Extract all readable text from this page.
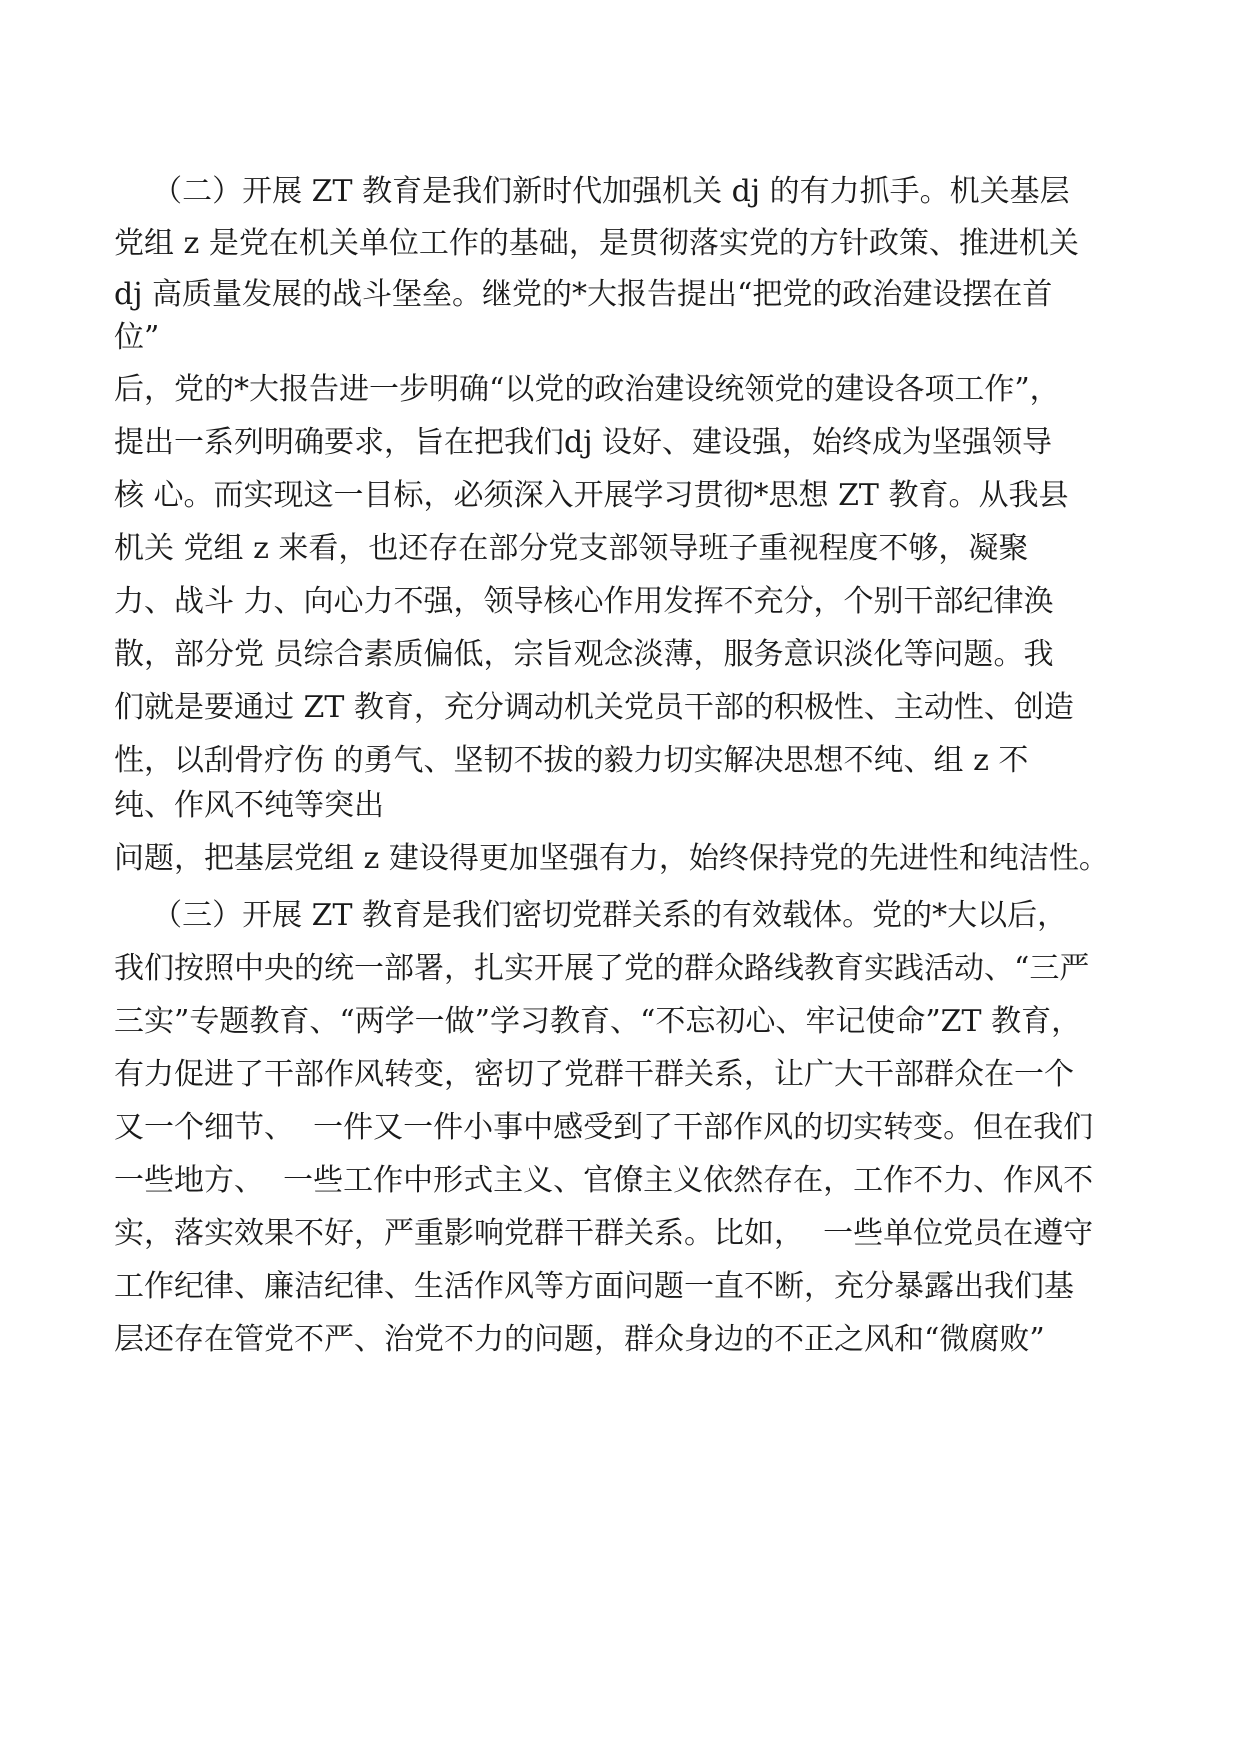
（二）开展 ZT 教育是我们新时代加强机关 dj 的有力抓手。机关基层
党组 z 是党在机关单位工作的基础，是贯彻落实党的方针政策、推进机关
dj 高质量发展的战斗堡垒。继党的*大报告提出“把党的政治建设摆在首
位”
后，党的*大报告进一步明确“以党的政治建设统领党的建设各项工作”，
提出一系列明确要求，旨在把我们dj 设好、建设强，始终成为坚强领导
核 心。而实现这一目标，必须深入开展学习贯彻*思想 ZT 教育。从我县
机关 党组 z 来看，也还存在部分党支部领导班子重视程度不够，凝聚
力、战斗 力、向心力不强，领导核心作用发挥不充分，个别干部纪律涣
散，部分党 员综合素质偏低，宗旨观念淡薄，服务意识淡化等问题。我
们就是要通过 ZT 教育，充分调动机关党员干部的积极性、主动性、创造
性，以刮骨疗伤 的勇气、坚韧不拔的毅力切实解决思想不纯、组 z 不
纯、作风不纯等突出
问题，把基层党组 z 建设得更加坚强有力，始终保持党的先进性和纯洁性。
（三）开展 ZT 教育是我们密切党群关系的有效载体。党的*大以后，
我们按照中央的统一部署，扎实开展了党的群众路线教育实践活动、“三严
三实”专题教育、“两学一做”学习教育、“不忘初心、牢记使命”ZT 教育，
有力促进了干部作风转变，密切了党群干群关系，让广大干部群众在一个
又一个细节、  一件又一件小事中感受到了干部作风的切实转变。但在我们
一些地方、  一些工作中形式主义、官僚主义依然存在，工作不力、作风不
实，落实效果不好，严重影响党群干群关系。比如，  一些单位党员在遵守
工作纪律、廉洁纪律、生活作风等方面问题一直不断，充分暴露出我们基
层还存在管党不严、治党不力的问题，群众身边的不正之风和“微腐败”
